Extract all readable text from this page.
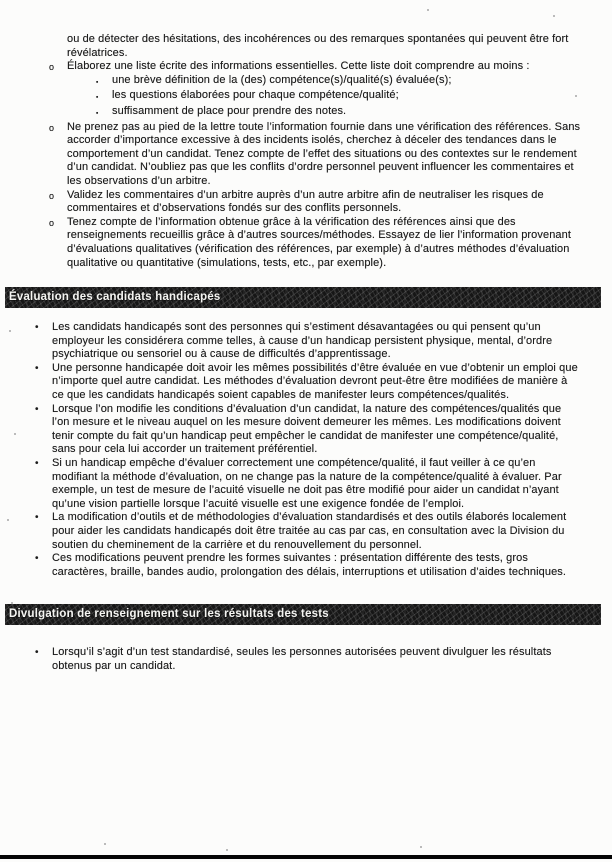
ou de détecter des hésitations, des incohérences ou des remarques spontanées qui peuvent être fort révélatrices.

o	Élaborez une liste écrite des informations essentielles. Cette liste doit comprendre au moins :

▪	une brève définition de la (des) compétence(s)/qualité(s) évaluée(s);

▪	les questions élaborées pour chaque compétence/qualité;

▪	suffisamment de place pour prendre des notes.

o	Ne prenez pas au pied de la lettre toute l’information fournie dans une vérification des références. Sans accorder d’importance excessive à des incidents isolés, cherchez à déceler des tendances dans le comportement d’un candidat. Tenez compte de l’effet des situations ou des contextes sur le rendement d’un candidat. N’oubliez pas que les conflits d’ordre personnel peuvent influencer les commentaires et les observations d’un arbitre.

o	Validez les commentaires d’un arbitre auprès d’un autre arbitre afin de neutraliser les risques de commentaires et d’observations fondés sur des conflits personnels.

o	Tenez compte de l’information obtenue grâce à la vérification des références ainsi que des renseignements recueillis grâce à d’autres sources/méthodes. Essayez de lier l’information provenant d’évaluations qualitatives (vérification des références, par exemple) à d’autres méthodes d’évaluation qualitative ou quantitative (simulations, tests, etc., par exemple).

Évaluation des candidats handicapés
•	Les candidats handicapés sont des personnes qui s’estiment désavantagées ou qui pensent qu’un employeur les considérera comme telles, à cause d’un handicap persistent physique, mental, d’ordre psychiatrique ou sensoriel ou à cause de difficultés d’apprentissage.

•	Une personne handicapée doit avoir les mêmes possibilités d’être évaluée en vue d’obtenir un emploi que n’importe quel autre candidat. Les méthodes d’évaluation devront peut-être être modifiées de manière à ce que les candidats handicapés soient capables de manifester leurs compétences/qualités.

•	Lorsque l’on modifie les conditions d’évaluation d’un candidat, la nature des compétences/qualités que l’on mesure et le niveau auquel on les mesure doivent demeurer les mêmes. Les modifications doivent tenir compte du fait qu’un handicap peut empêcher le candidat de manifester une compétence/qualité, sans pour cela lui accorder un traitement préférentiel.

•	Si un handicap empêche d’évaluer correctement une compétence/qualité, il faut veiller à ce qu’en modifiant la méthode d’évaluation, on ne change pas la nature de la compétence/qualité à évaluer. Par exemple, un test de mesure de l’acuité visuelle ne doit pas être modifié pour aider un candidat n’ayant qu’une vision partielle lorsque l’acuité visuelle est une exigence fondée de l’emploi.

•	La modification d’outils et de méthodologies d’évaluation standardisés et des outils élaborés localement pour aider les candidats handicapés doit être traitée au cas par cas, en consultation avec la Division du soutien du cheminement de la carrière et du renouvellement du personnel.

•	Ces modifications peuvent prendre les formes suivantes : présentation différente des tests, gros caractères, braille, bandes audio, prolongation des délais, interruptions et utilisation d’aides techniques.

Divulgation de renseignement sur les résultats des tests
•	Lorsqu’il s’agit d’un test standardisé, seules les personnes autorisées peuvent divulguer les résultats obtenus par un candidat.
